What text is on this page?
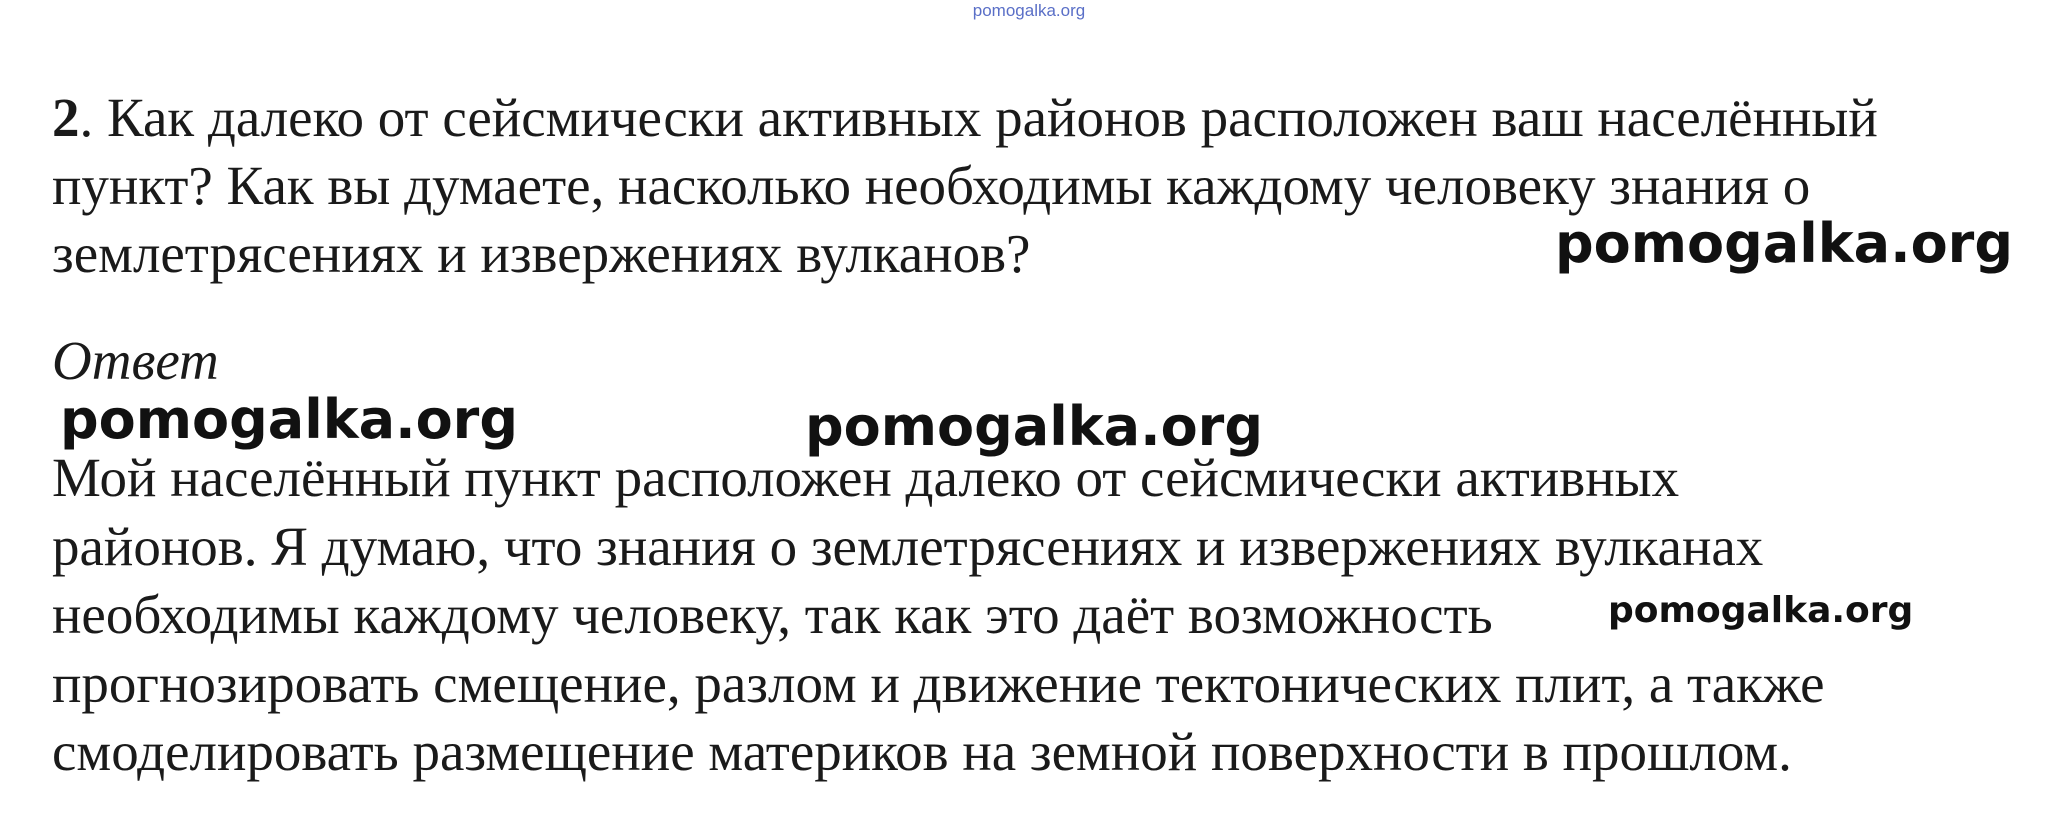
pomogalka.org
2. Как далеко от сейсмически активных районов расположен ваш населённый
пункт? Как вы думаете, насколько необходимы каждому человеку знания о
землетрясениях и извержениях вулканов?
Ответ
Мой населённый пункт расположен далеко от сейсмически активных
районов. Я думаю, что знания о землетрясениях и извержениях вулканах
необходимы каждому человеку, так как это даёт возможность
прогнозировать смещение, разлом и движение тектонических плит, а также
смоделировать размещение материков на земной поверхности в прошлом.
pomogalka.org
pomogalka.org	pomogalka.org
pomogalka.org
